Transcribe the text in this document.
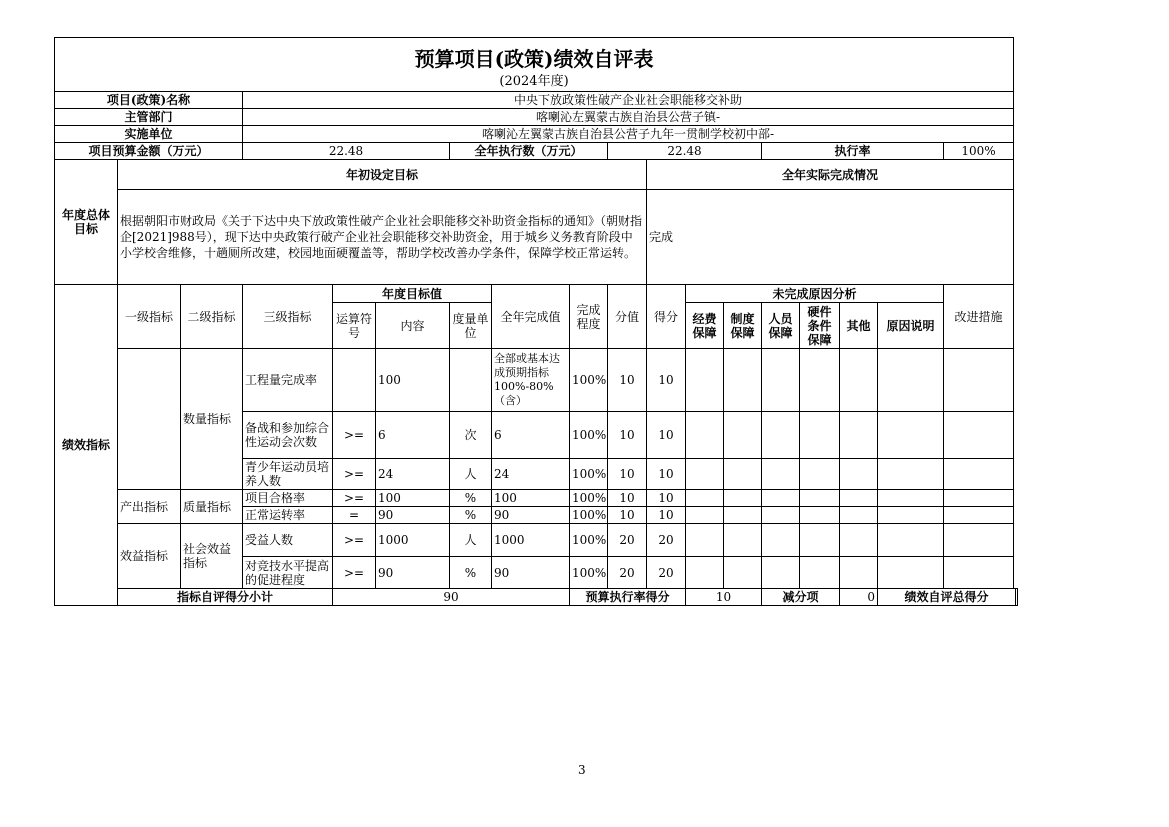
预算项目(政策)绩效自评表																		
(2024年度)																		
项目(政策)名称			中央下放政策性破产企业社会职能移交补助															
主管部门			喀喇沁左翼蒙古族自治县公营子镇-															
实施单位			喀喇沁左翼蒙古族自治县公营子九年一贯制学校初中部-															
项目预算金额（万元）			22.48			全年执行数（万元）			22.48				执行率				100%	
年度总体目标	年初设定目标									全年实际完成情况								
	根据朝阳市财政局《关于下达中央下放政策性破产企业社会职能移交补助资金指标的通知》（朝财指企[2021]988号），现下达中央政策行破产企业社会职能移交补助资金，用于城乡义务教育阶段中小学校舍维修，十趟厕所改建，校园地面硬覆盖等，帮助学校改善办学条件，保障学校正常运转。									完成								
绩效指标	一级指标	二级指标	三级指标	年度目标值			全年完成值	完成程度	分值	得分	未完成原因分析						改进措施	
				运算符号	内容	度量单位					经费保障	制度保障	人员保障	硬件条件保障	其他	原因说明		
		数量指标	工程量完成率		100		全部或基本达成预期指标100%-80%（含）	100%	10	10								
			备战和参加综合性运动会次数	>=	6	次	6	100%	10	10								
			青少年运动员培养人数	>=	24	人	24	100%	10	10								
	产出指标	质量指标	项目合格率	>=	100	%	100	100%	10	10								
			正常运转率	=	90	%	90	100%	10	10								
	效益指标	社会效益指标	受益人数	>=	1000	人	1000	100%	20	20								
			对竞技水平提高的促进程度	>=	90	%	90	100%	20	20								
	指标自评得分小计			90				预算执行率得分			10		减分项		0	绩效自评总得分	
3
